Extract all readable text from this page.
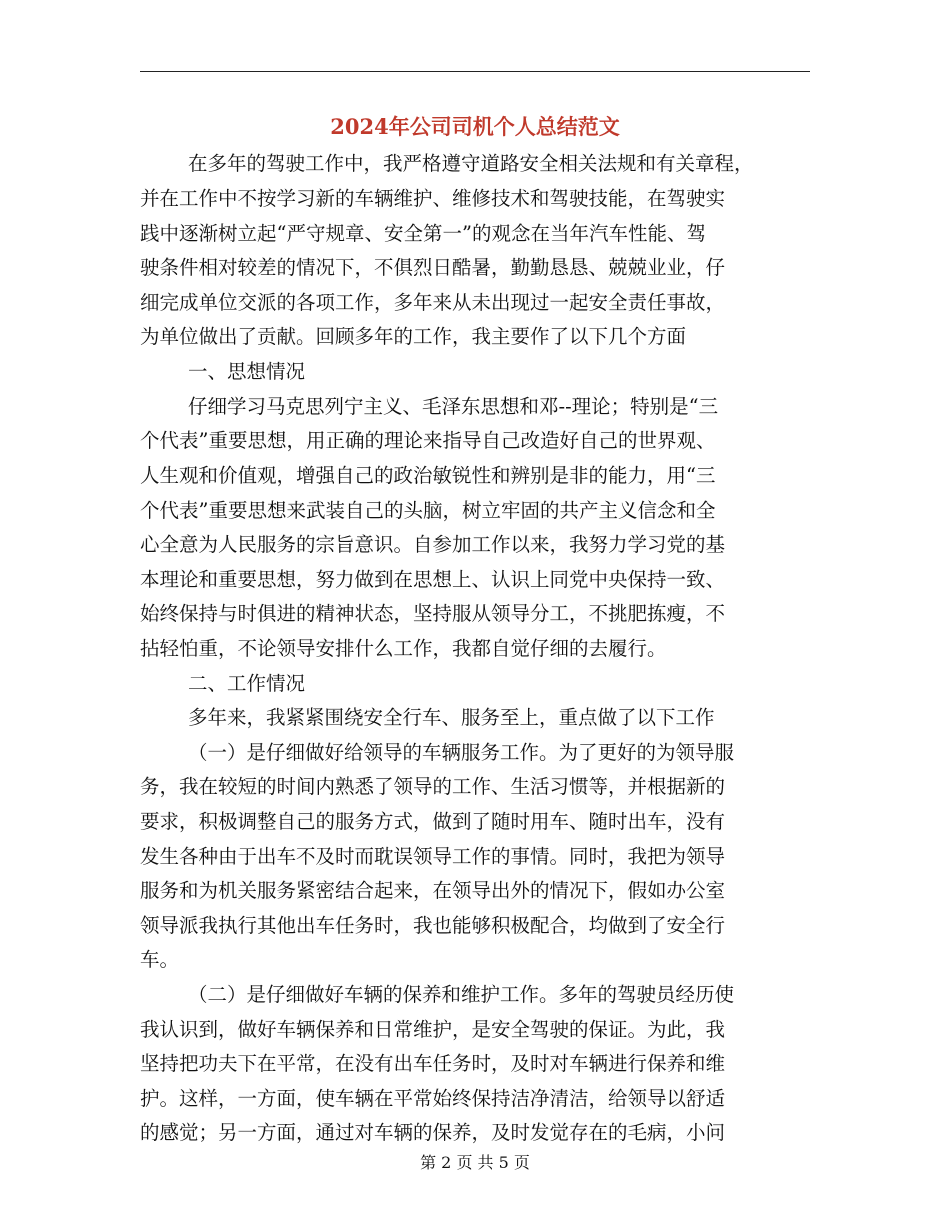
2024年公司司机个人总结范文
在多年的驾驶工作中，我严格遵守道路安全相关法规和有关章程，
并在工作中不按学习新的车辆维护、维修技术和驾驶技能，在驾驶实
践中逐渐树立起“严守规章、安全第一”的观念在当年汽车性能、驾
驶条件相对较差的情况下，不俱烈日酷暑，勤勤恳恳、兢兢业业，仔
细完成单位交派的各项工作，多年来从未出现过一起安全责任事故，
为单位做出了贡献。回顾多年的工作，我主要作了以下几个方面
一、思想情况
仔细学习马克思列宁主义、毛泽东思想和邓--理论；特别是“三
个代表”重要思想，用正确的理论来指导自己改造好自己的世界观、
人生观和价值观，增强自己的政治敏锐性和辨别是非的能力，用“三
个代表”重要思想来武装自己的头脑，树立牢固的共产主义信念和全
心全意为人民服务的宗旨意识。自参加工作以来，我努力学习党的基
本理论和重要思想，努力做到在思想上、认识上同党中央保持一致、
始终保持与时俱进的精神状态，坚持服从领导分工，不挑肥拣瘦，不
拈轻怕重，不论领导安排什么工作，我都自觉仔细的去履行。
二、工作情况
多年来，我紧紧围绕安全行车、服务至上，重点做了以下工作
（一）是仔细做好给领导的车辆服务工作。为了更好的为领导服
务，我在较短的时间内熟悉了领导的工作、生活习惯等，并根据新的
要求，积极调整自己的服务方式，做到了随时用车、随时出车，没有
发生各种由于出车不及时而耽误领导工作的事情。同时，我把为领导
服务和为机关服务紧密结合起来，在领导出外的情况下，假如办公室
领导派我执行其他出车任务时，我也能够积极配合，均做到了安全行
车。
（二）是仔细做好车辆的保养和维护工作。多年的驾驶员经历使
我认识到，做好车辆保养和日常维护，是安全驾驶的保证。为此，我
坚持把功夫下在平常，在没有出车任务时，及时对车辆进行保养和维
护。这样，一方面，使车辆在平常始终保持洁净清洁，给领导以舒适
的感觉；另一方面，通过对车辆的保养，及时发觉存在的毛病，小问
第 2 页 共 5 页
